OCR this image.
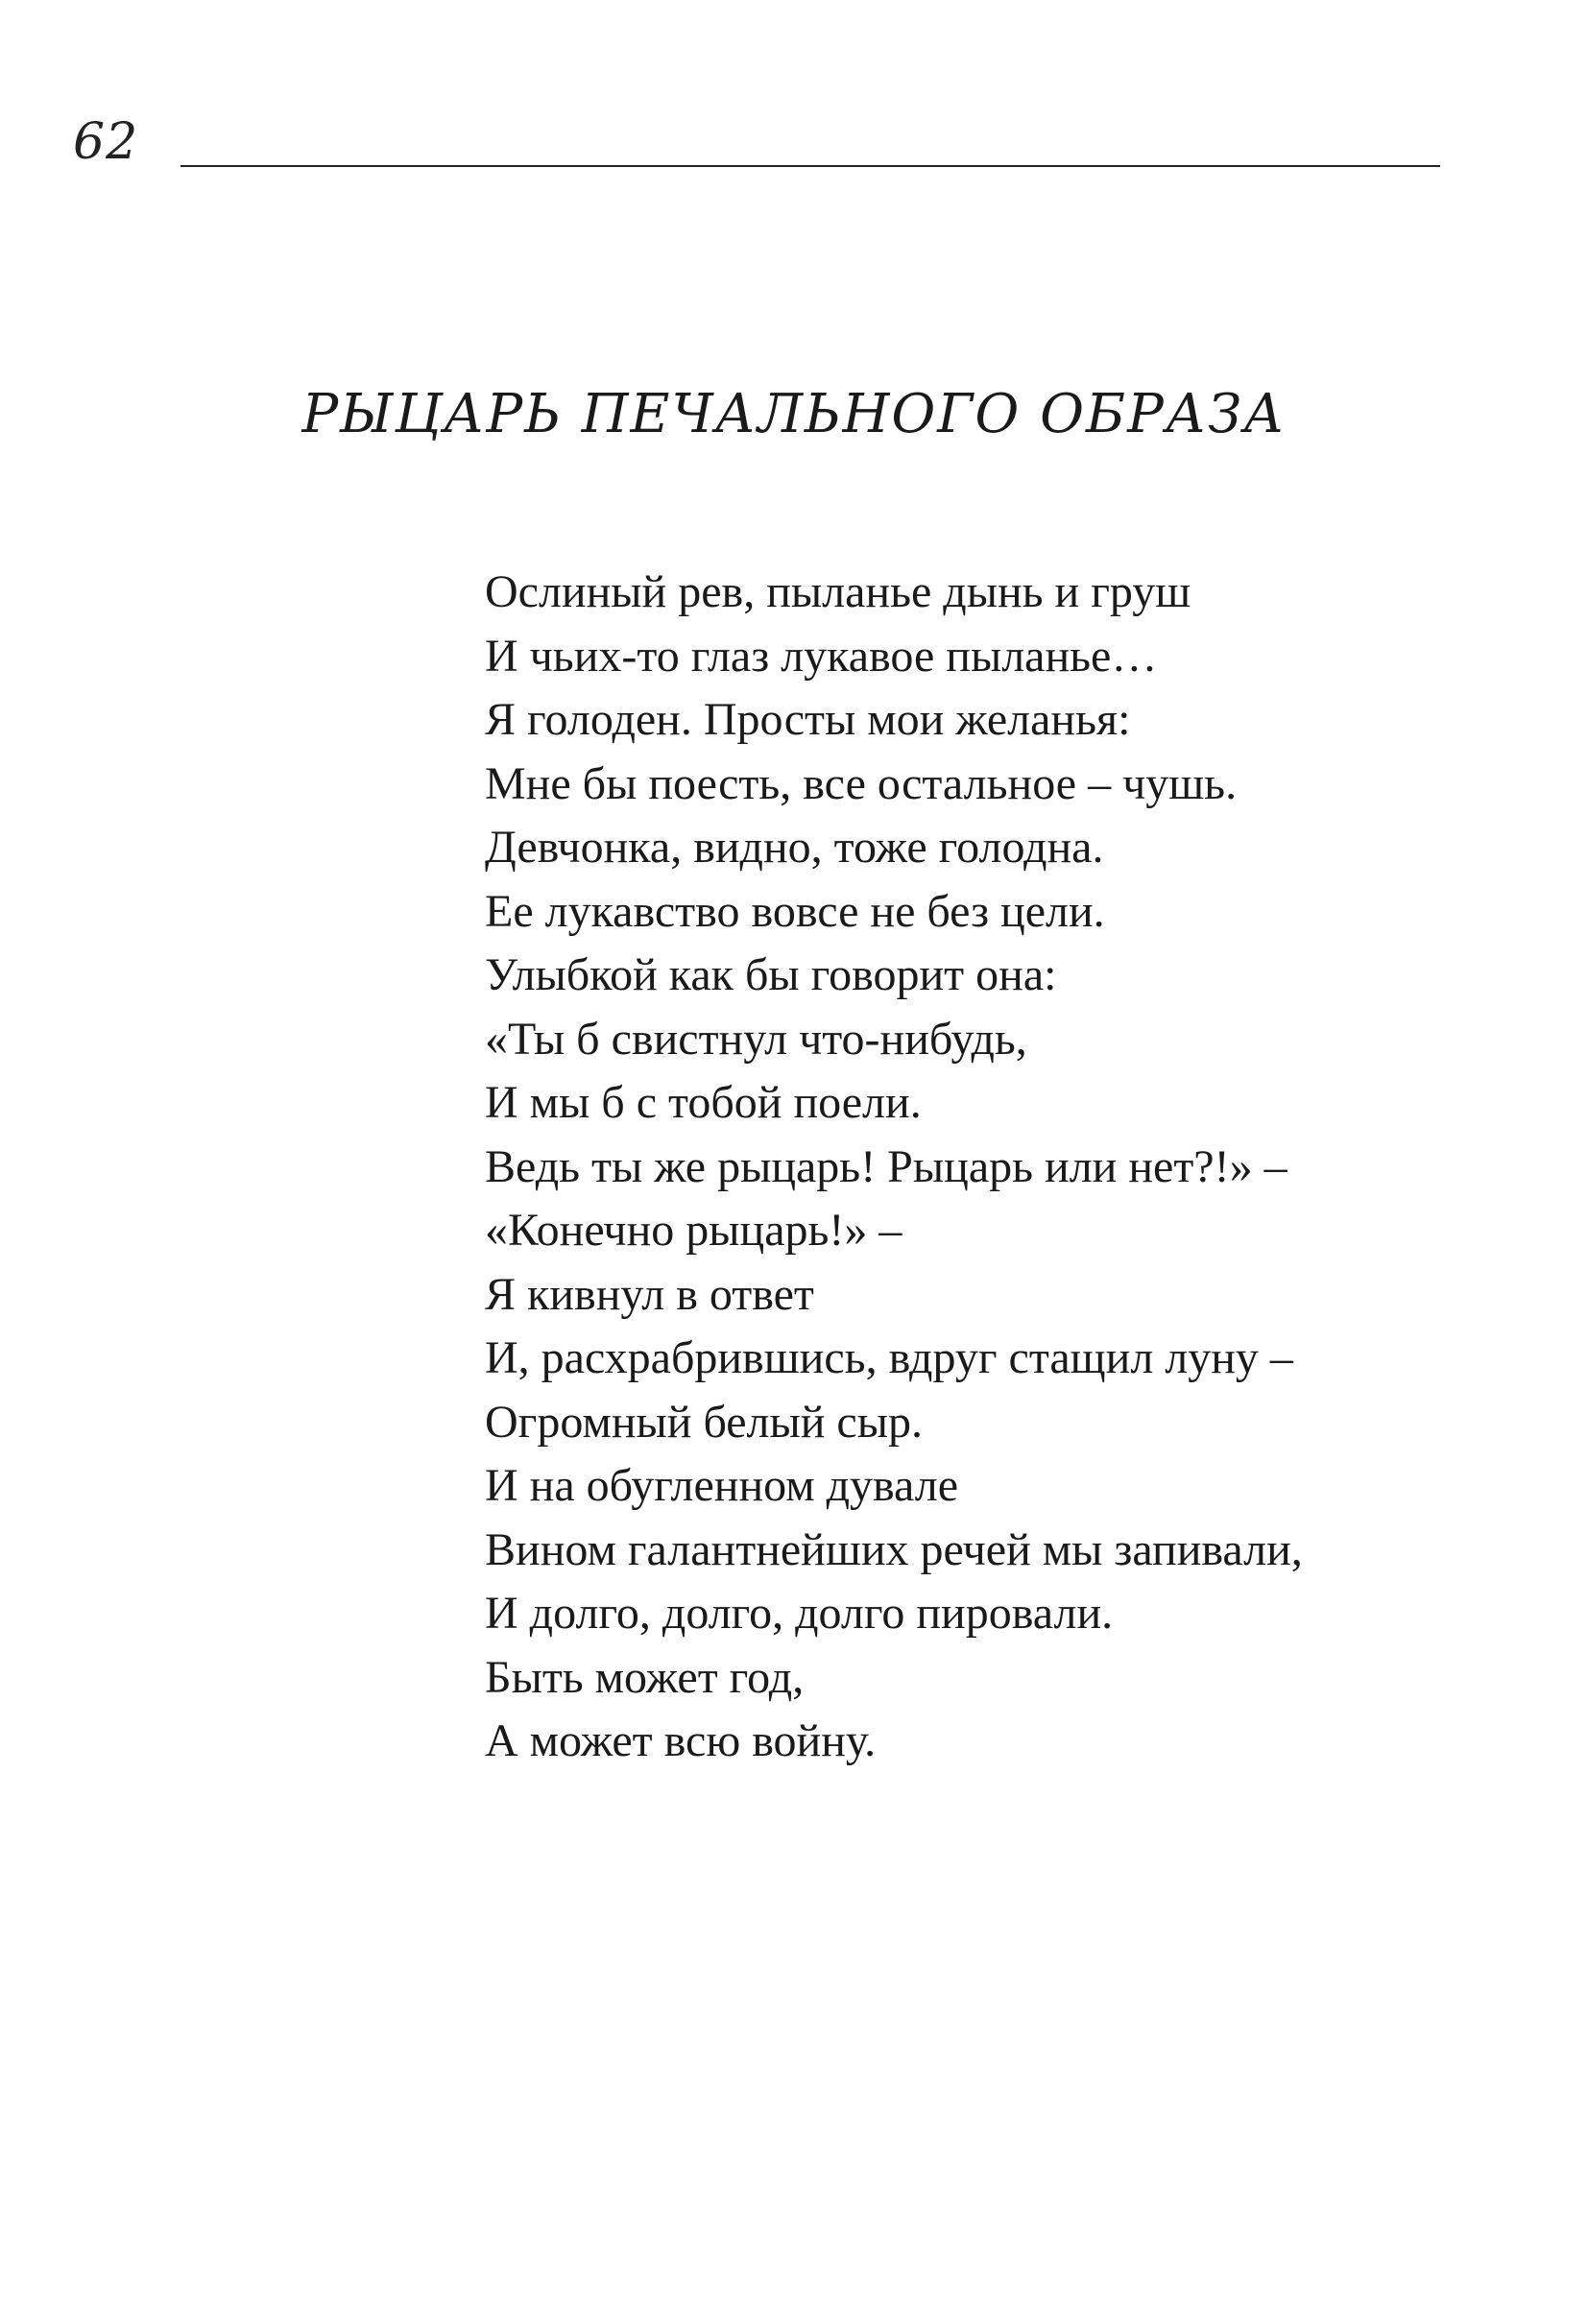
62
РЫЦАРЬ ПЕЧАЛЬНОГО ОБРАЗА
Ослиный рев, пыланье дынь и груш
И чьих-то глаз лукавое пыланье…
Я голоден. Просты мои желанья:
Мне бы поесть, все остальное – чушь.
Девчонка, видно, тоже голодна.
Ее лукавство вовсе не без цели.
Улыбкой как бы говорит она:
«Ты б свистнул что-нибудь,
И мы б с тобой поели.
Ведь ты же рыцарь! Рыцарь или нет?!» –
«Конечно рыцарь!» –
Я кивнул в ответ
И, расхрабрившись, вдруг стащил луну –
Огромный белый сыр.
И на обугленном дувале
Вином галантнейших речей мы запивали,
И долго, долго, долго пировали.
Быть может год,
А может всю войну.
